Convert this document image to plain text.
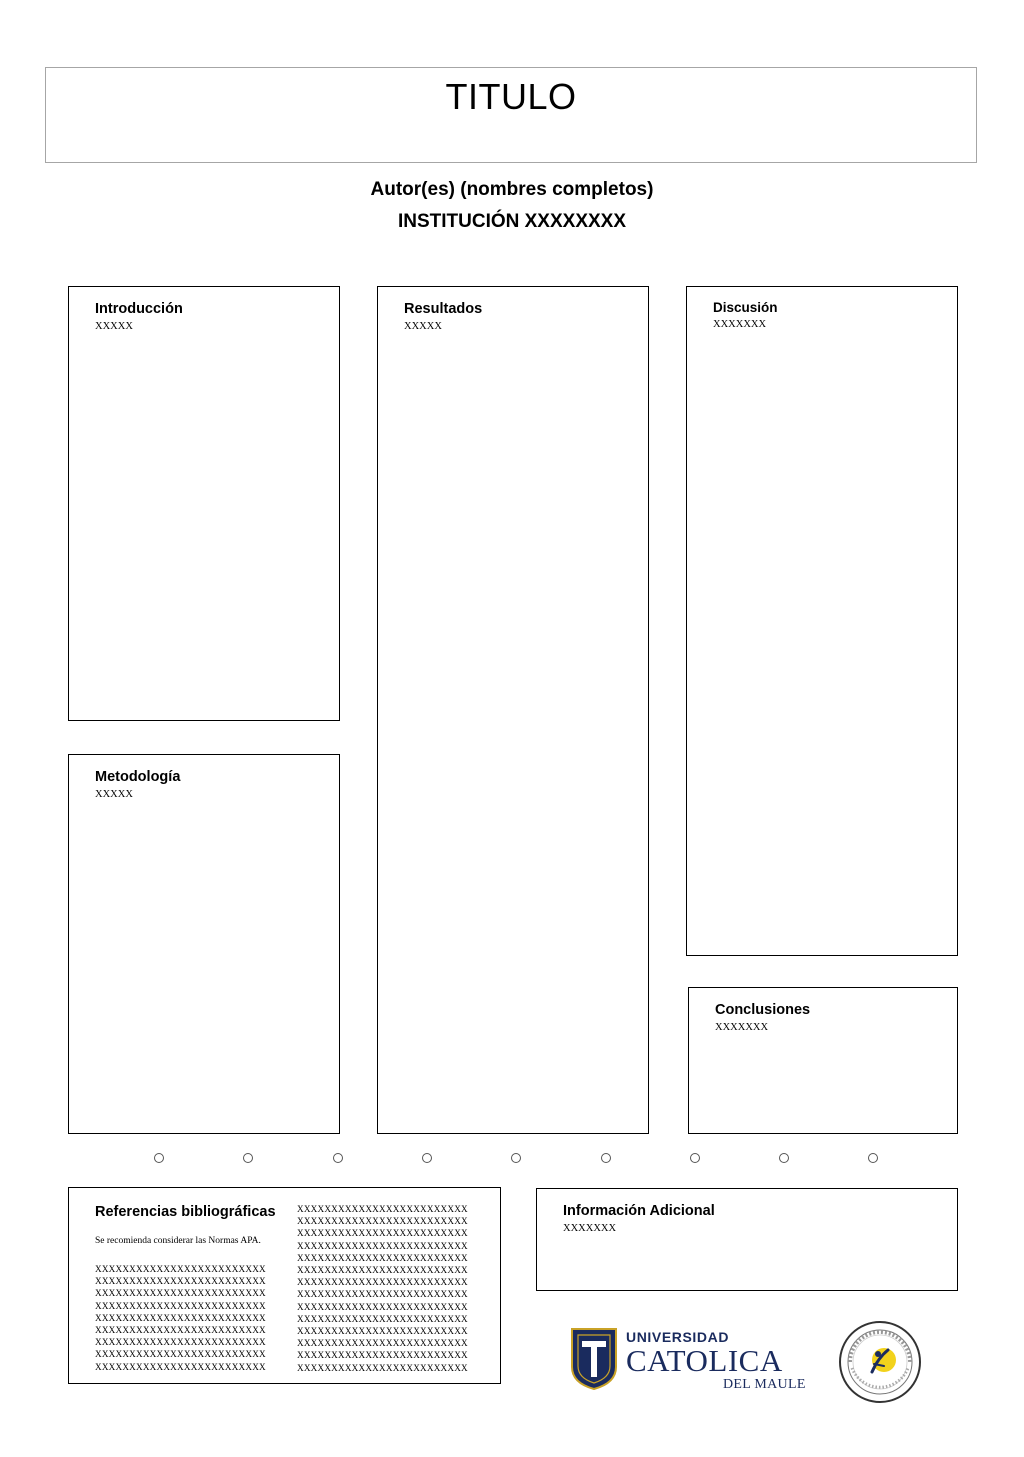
TITULO
Autor(es) (nombres completos)
INSTITUCIÓN XXXXXXXX
Introducción
XXXXX
Metodología
XXXXX
Resultados
XXXXX
Discusión
XXXXXXX
Conclusiones
XXXXXXX
Referencias bibliográficas
Se recomienda considerar las Normas APA.
XXXXXXXXXXXXXXXXXXXXXXXXX
XXXXXXXXXXXXXXXXXXXXXXXXX
XXXXXXXXXXXXXXXXXXXXXXXXX
XXXXXXXXXXXXXXXXXXXXXXXXX
XXXXXXXXXXXXXXXXXXXXXXXXX
XXXXXXXXXXXXXXXXXXXXXXXXX
XXXXXXXXXXXXXXXXXXXXXXXXX
XXXXXXXXXXXXXXXXXXXXXXXXX
XXXXXXXXXXXXXXXXXXXXXXXXX
XXXXXXXXXXXXXXXXXXXXXXXXX
XXXXXXXXXXXXXXXXXXXXXXXXX
XXXXXXXXXXXXXXXXXXXXXXXXX
XXXXXXXXXXXXXXXXXXXXXXXXX
XXXXXXXXXXXXXXXXXXXXXXXXX
XXXXXXXXXXXXXXXXXXXXXXXXX
XXXXXXXXXXXXXXXXXXXXXXXXX
XXXXXXXXXXXXXXXXXXXXXXXXX
XXXXXXXXXXXXXXXXXXXXXXXXX
XXXXXXXXXXXXXXXXXXXXXXXXX
XXXXXXXXXXXXXXXXXXXXXXXXX
XXXXXXXXXXXXXXXXXXXXXXXXX
XXXXXXXXXXXXXXXXXXXXXXXXX
XXXXXXXXXXXXXXXXXXXXXXXXX
Información Adicional
XXXXXXX
UNIVERSIDAD
CATOLICA
DEL MAULE
